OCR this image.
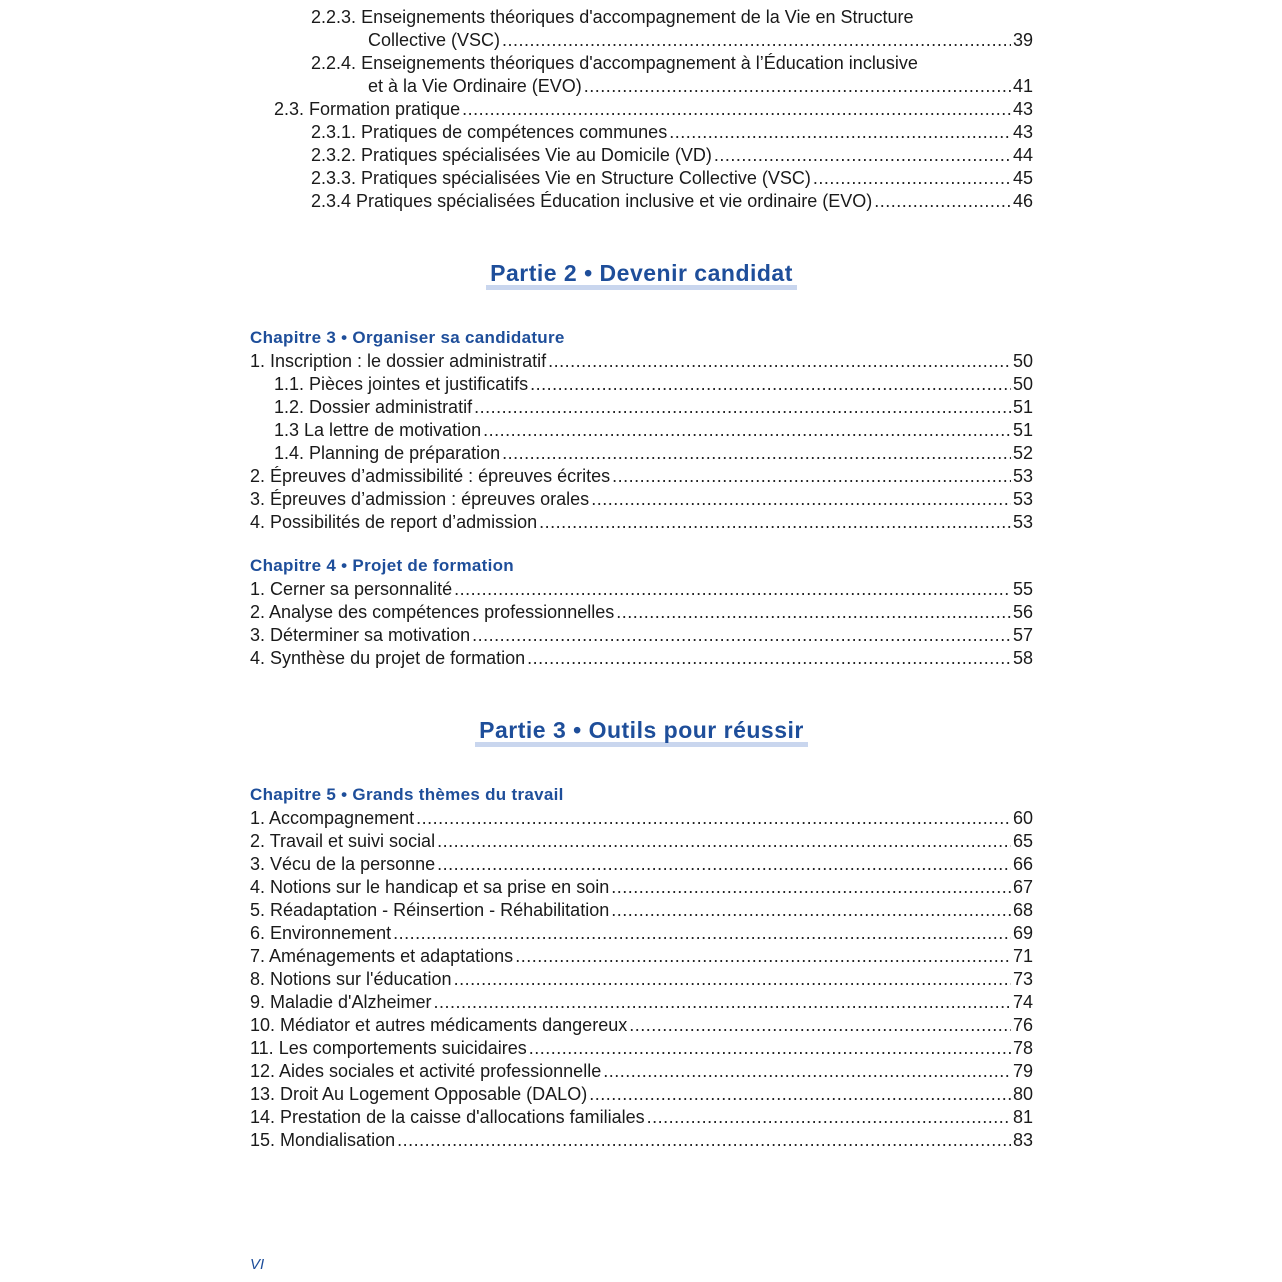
2.2.3. Enseignements théoriques d'accompagnement de la Vie en Structure
Collective (VSC) .....	39
2.2.4. Enseignements théoriques d'accompagnement à l’Éducation inclusive
et à la Vie Ordinaire (EVO) .....	41
2.3. Formation pratique .....	43
2.3.1. Pratiques de compétences communes .....	43
2.3.2. Pratiques spécialisées Vie au Domicile (VD) .....	44
2.3.3. Pratiques spécialisées Vie en Structure Collective (VSC) .....	45
2.3.4 Pratiques spécialisées Éducation inclusive et vie ordinaire (EVO) .....	46
Partie 2 • Devenir candidat
Chapitre 3 • Organiser sa candidature
1. Inscription : le dossier administratif .....	50
1.1. Pièces jointes et justificatifs .....	50
1.2. Dossier administratif .....	51
1.3 La lettre de motivation .....	51
1.4. Planning de préparation .....	52
2. Épreuves d’admissibilité : épreuves écrites .....	53
3. Épreuves d’admission : épreuves orales .....	53
4. Possibilités de report d’admission .....	53
Chapitre 4 • Projet de formation
1. Cerner sa personnalité .....	55
2. Analyse des compétences professionnelles .....	56
3. Déterminer sa motivation .....	57
4. Synthèse du projet de formation .....	58
Partie 3 • Outils pour réussir
Chapitre 5 • Grands thèmes du travail
1. Accompagnement .....	60
2. Travail et suivi social .....	65
3. Vécu de la personne .....	66
4. Notions sur le handicap et sa prise en soin .....	67
5. Réadaptation - Réinsertion - Réhabilitation .....	68
6. Environnement .....	69
7. Aménagements et adaptations .....	71
8. Notions sur l'éducation .....	73
9. Maladie d'Alzheimer .....	74
10. Médiator et autres médicaments dangereux .....	76
11. Les comportements suicidaires .....	78
12. Aides sociales et activité professionnelle .....	79
13. Droit Au Logement Opposable (DALO) .....	80
14. Prestation de la caisse d'allocations familiales .....	81
15. Mondialisation .....	83
VI
